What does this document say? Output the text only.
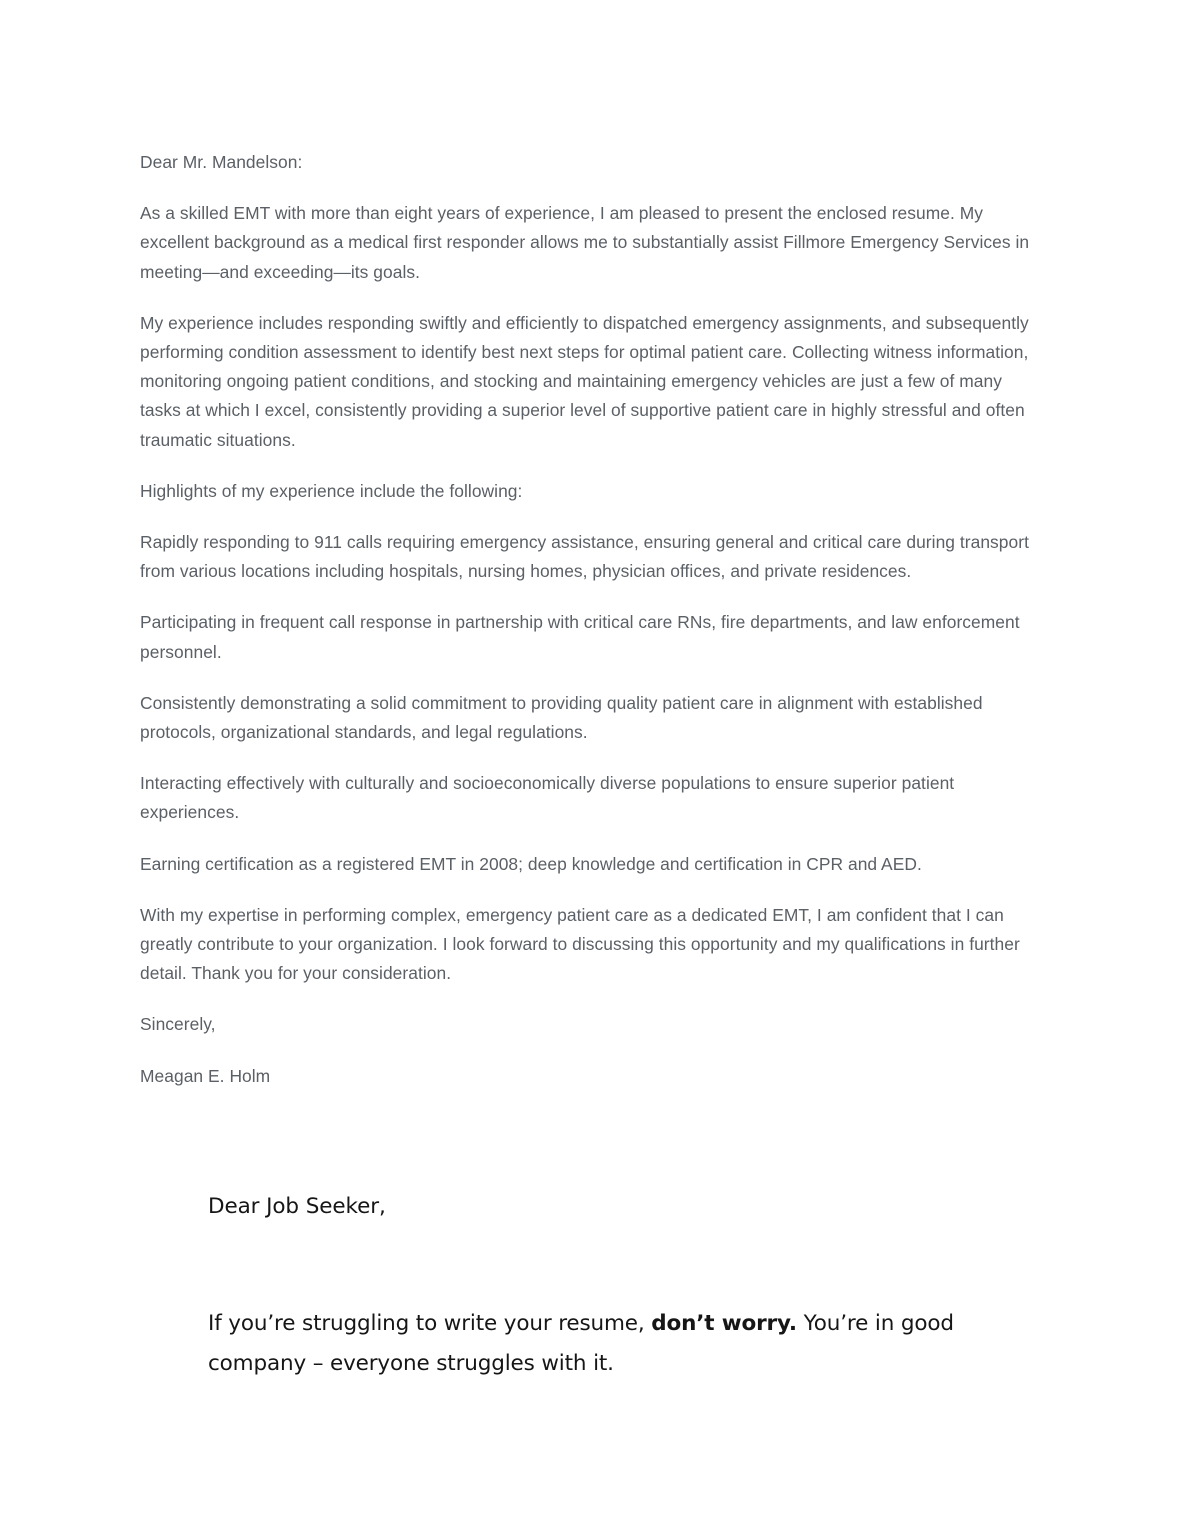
Dear Mr. Mandelson:

As a skilled EMT with more than eight years of experience, I am pleased to present the enclosed resume. My excellent background as a medical first responder allows me to substantially assist Fillmore Emergency Services in meeting—and exceeding—its goals.

My experience includes responding swiftly and efficiently to dispatched emergency assignments, and subsequently performing condition assessment to identify best next steps for optimal patient care. Collecting witness information, monitoring ongoing patient conditions, and stocking and maintaining emergency vehicles are just a few of many tasks at which I excel, consistently providing a superior level of supportive patient care in highly stressful and often traumatic situations.

Highlights of my experience include the following:

Rapidly responding to 911 calls requiring emergency assistance, ensuring general and critical care during transport from various locations including hospitals, nursing homes, physician offices, and private residences.

Participating in frequent call response in partnership with critical care RNs, fire departments, and law enforcement personnel.

Consistently demonstrating a solid commitment to providing quality patient care in alignment with established protocols, organizational standards, and legal regulations.

Interacting effectively with culturally and socioeconomically diverse populations to ensure superior patient experiences.

Earning certification as a registered EMT in 2008; deep knowledge and certification in CPR and AED.

With my expertise in performing complex, emergency patient care as a dedicated EMT, I am confident that I can greatly contribute to your organization. I look forward to discussing this opportunity and my qualifications in further detail. Thank you for your consideration.

Sincerely,

Meagan E. Holm

Dear Job Seeker,

If you’re struggling to write your resume, don’t worry. You’re in good company – everyone struggles with it.
